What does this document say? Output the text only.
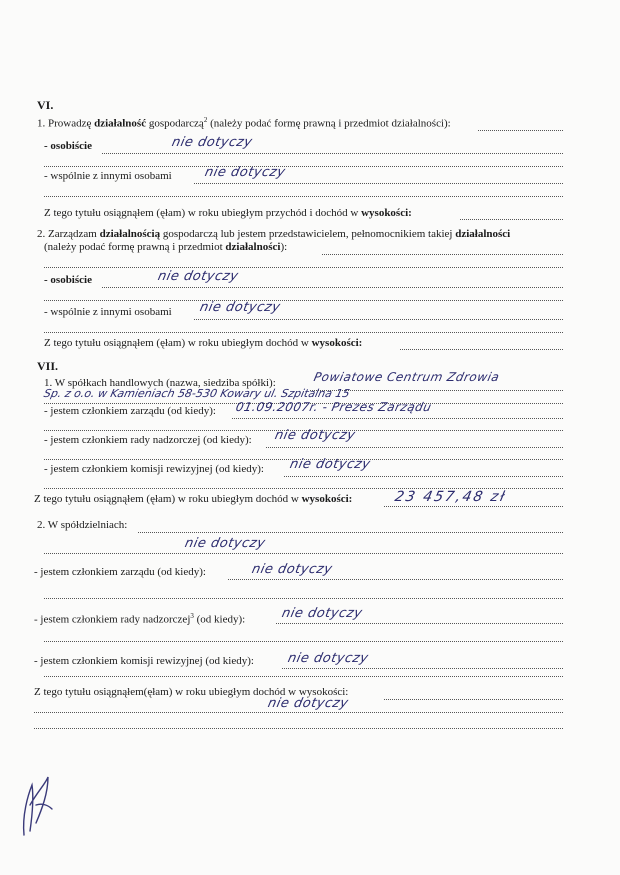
VI.
1. Prowadzę działalność gospodarczą$^2$ (należy podać formę prawną i przedmiot działalności):
- osobiście	nie dotyczy
- wspólnie z innymi osobami nie dotyczy
Z tego tytułu osiągnąłem (ęłam) w roku ubiegłym przychód i dochód w wysokości:
2. Zarządzam działalnością gospodarczą lub jestem przedstawicielem, pełnomocnikiem takiej działalności
(należy podać formę prawną i przedmiot działalności):
- osobiście	nie dotyczy
- wspólnie z innymi osobami nie dotyczy
Z tego tytułu osiągnąłem (ęłam) w roku ubiegłym dochód w wysokości:
VII.
1. W spółkach handlowych (nazwa, siedziba spółki):	Powiatowe Centrum Zdrowia
Sp. z o.o. w Kamieniach 58-530 Kowary ul. Szpitalna 15
- jestem członkiem zarządu (od kiedy): 01.09.2007r. - Prezes Zarządu
- jestem członkiem rady nadzorczej (od kiedy): nie dotyczy
- jestem członkiem komisji rewizyjnej (od kiedy): nie dotyczy
Z tego tytułu osiągnąłem (ęłam) w roku ubiegłym dochód w wysokości:	23 457,48 zł
2. W spółdzielniach:
nie dotyczy
- jestem członkiem zarządu (od kiedy):	nie dotyczy
- jestem członkiem rady nadzorczej$^3$ (od kiedy):	nie dotyczy
- jestem członkiem komisji rewizyjnej (od kiedy): nie dotyczy
Z tego tytułu osiągnąłem(ęłam) w roku ubiegłym dochód w wysokości:
nie dotyczy
